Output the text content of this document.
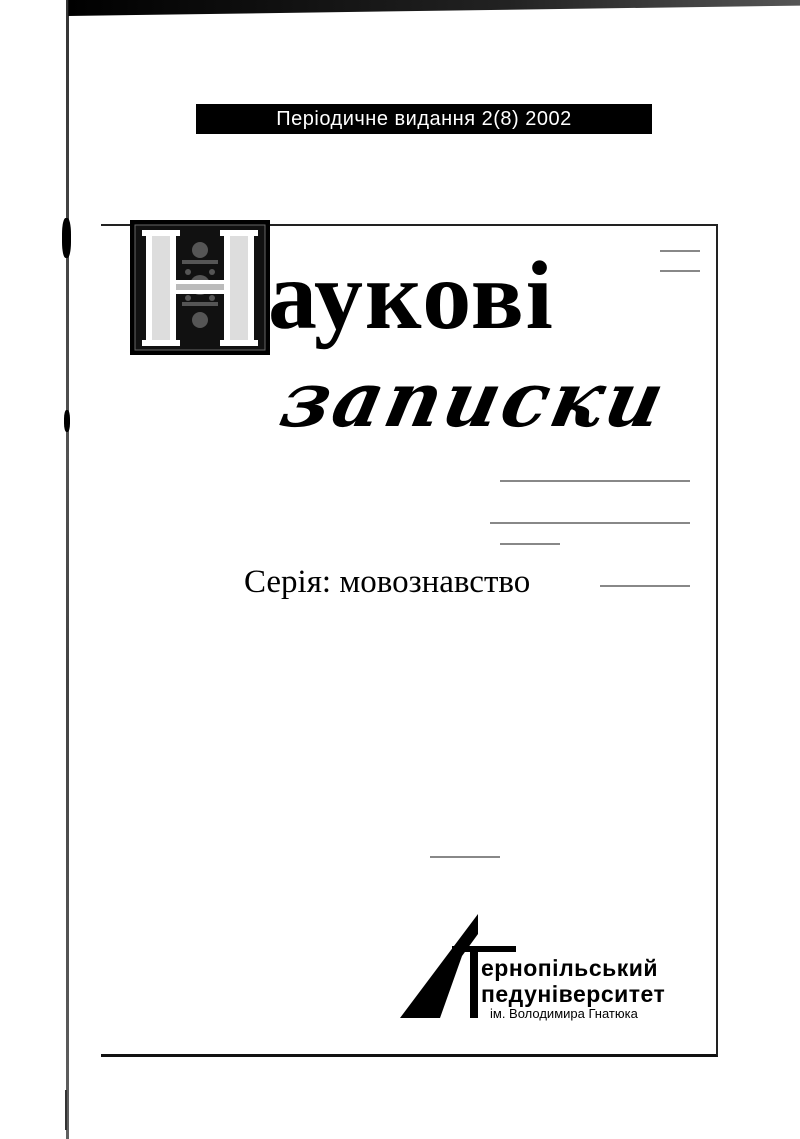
Періодичне видання 2(8) 2002
аукові
записки
Серія: мовознавство
ернопільський
педуніверситет
ім. Володимира Гнатюка
